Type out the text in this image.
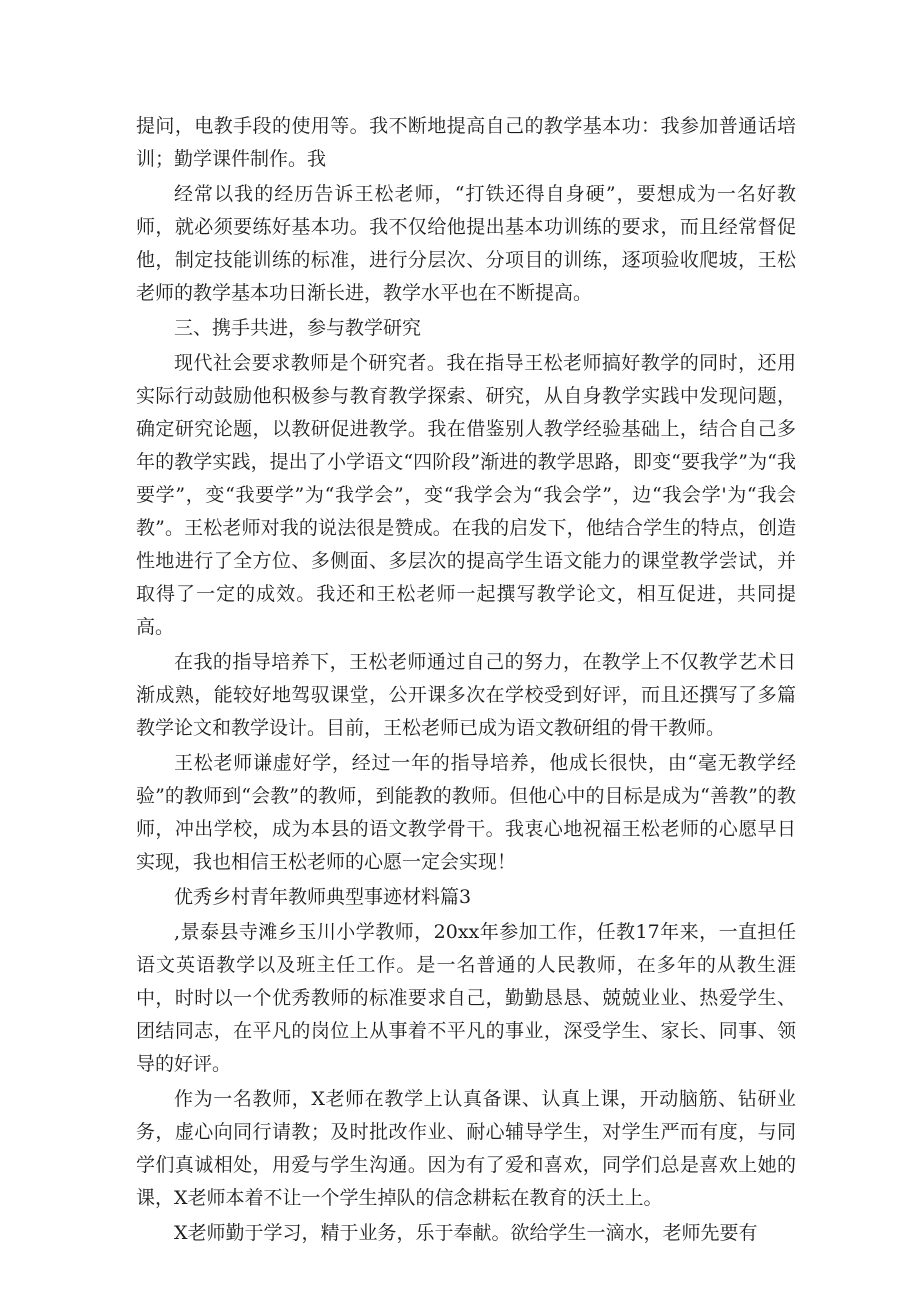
提问，电教手段的使用等。我不断地提高自己的教学基本功：我参加普通话培训；勤学课件制作。我

经常以我的经历告诉王松老师，“打铁还得自身硬”，要想成为一名好教师，就必须要练好基本功。我不仅给他提出基本功训练的要求，而且经常督促他，制定技能训练的标准，进行分层次、分项目的训练，逐项验收爬坡，王松老师的教学基本功日渐长进，教学水平也在不断提高。

三、携手共进，参与教学研究

现代社会要求教师是个研究者。我在指导王松老师搞好教学的同时，还用实际行动鼓励他积极参与教育教学探索、研究，从自身教学实践中发现问题，确定研究论题，以教研促进教学。我在借鉴别人教学经验基础上，结合自己多年的教学实践，提出了小学语文“四阶段”渐进的教学思路，即变“要我学”为“我要学”，变“我要学”为“我学会”，变“我学会为“我会学”，边“我会学'为“我会教”。王松老师对我的说法很是赞成。在我的启发下，他结合学生的特点，创造性地进行了全方位、多侧面、多层次的提高学生语文能力的课堂教学尝试，并取得了一定的成效。我还和王松老师一起撰写教学论文，相互促进，共同提高。

在我的指导培养下，王松老师通过自己的努力，在教学上不仅教学艺术日渐成熟，能较好地驾驭课堂，公开课多次在学校受到好评，而且还撰写了多篇教学论文和教学设计。目前，王松老师已成为语文教研组的骨干教师。

王松老师谦虚好学，经过一年的指导培养，他成长很快，由“毫无教学经验”的教师到“会教”的教师，到能教的教师。但他心中的目标是成为“善教”的教师，冲出学校，成为本县的语文教学骨干。我衷心地祝福王松老师的心愿早日实现，我也相信王松老师的心愿一定会实现！

优秀乡村青年教师典型事迹材料篇3

,景泰县寺滩乡玉川小学教师，20xx年参加工作，任教17年来，一直担任语文英语教学以及班主任工作。是一名普通的人民教师，在多年的从教生涯中，时时以一个优秀教师的标准要求自己，勤勤恳恳、兢兢业业、热爱学生、团结同志，在平凡的岗位上从事着不平凡的事业，深受学生、家长、同事、领导的好评。

作为一名教师，X老师在教学上认真备课、认真上课，开动脑筋、钻研业务，虚心向同行请教；及时批改作业、耐心辅导学生，对学生严而有度，与同学们真诚相处，用爱与学生沟通。因为有了爱和喜欢，同学们总是喜欢上她的课，X老师本着不让一个学生掉队的信念耕耘在教育的沃土上。

X老师勤于学习，精于业务，乐于奉献。欲给学生一滴水，老师先要有
